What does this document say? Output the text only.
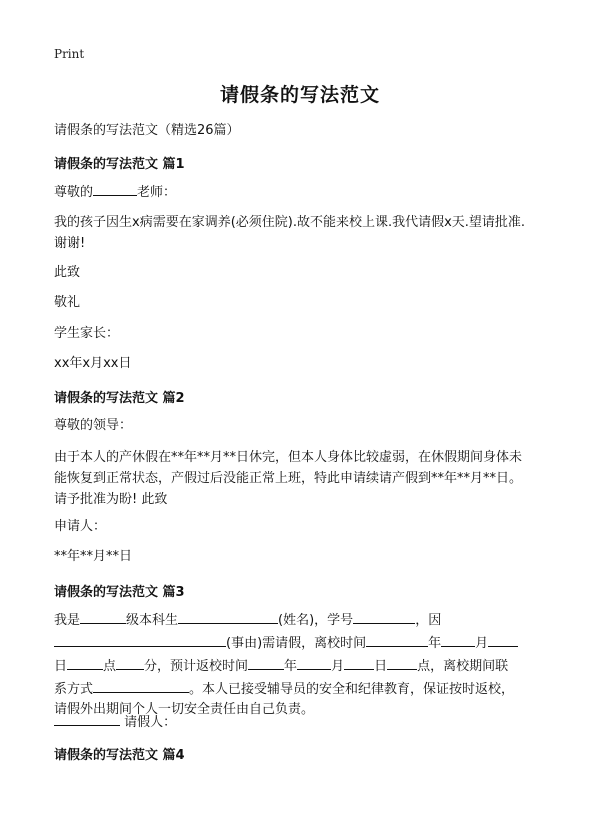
Print
请假条的写法范文

请假条的写法范文（精选26篇）

请假条的写法范文 篇1

尊敬的	老师：

我的孩子因生x病需要在家调养(必须住院).故不能来校上课.我代请假x天.望请批准.
谢谢!

此致

敬礼

学生家长：

xx年x月xx日

请假条的写法范文 篇2

尊敬的领导：

由于本人的产休假在**年**月**日休完，但本人身体比较虚弱，在休假期间身体未
能恢复到正常状态，产假过后没能正常上班，特此申请续请产假到**年**月**日。
请予批准为盼! 此致

申请人：

**年**月**日

请假条的写法范文 篇3

我是	级本科生	(姓名)，学号	，因
(事由)需请假，离校时间	年	月
日	点 分，预计返校时间	年	月 日 点，离校期间联
系方式	。本人已接受辅导员的安全和纪律教育，保证按时返校，
请假外出期间个人一切安全责任由自己负责。

请假人：

请假条的写法范文 篇4
